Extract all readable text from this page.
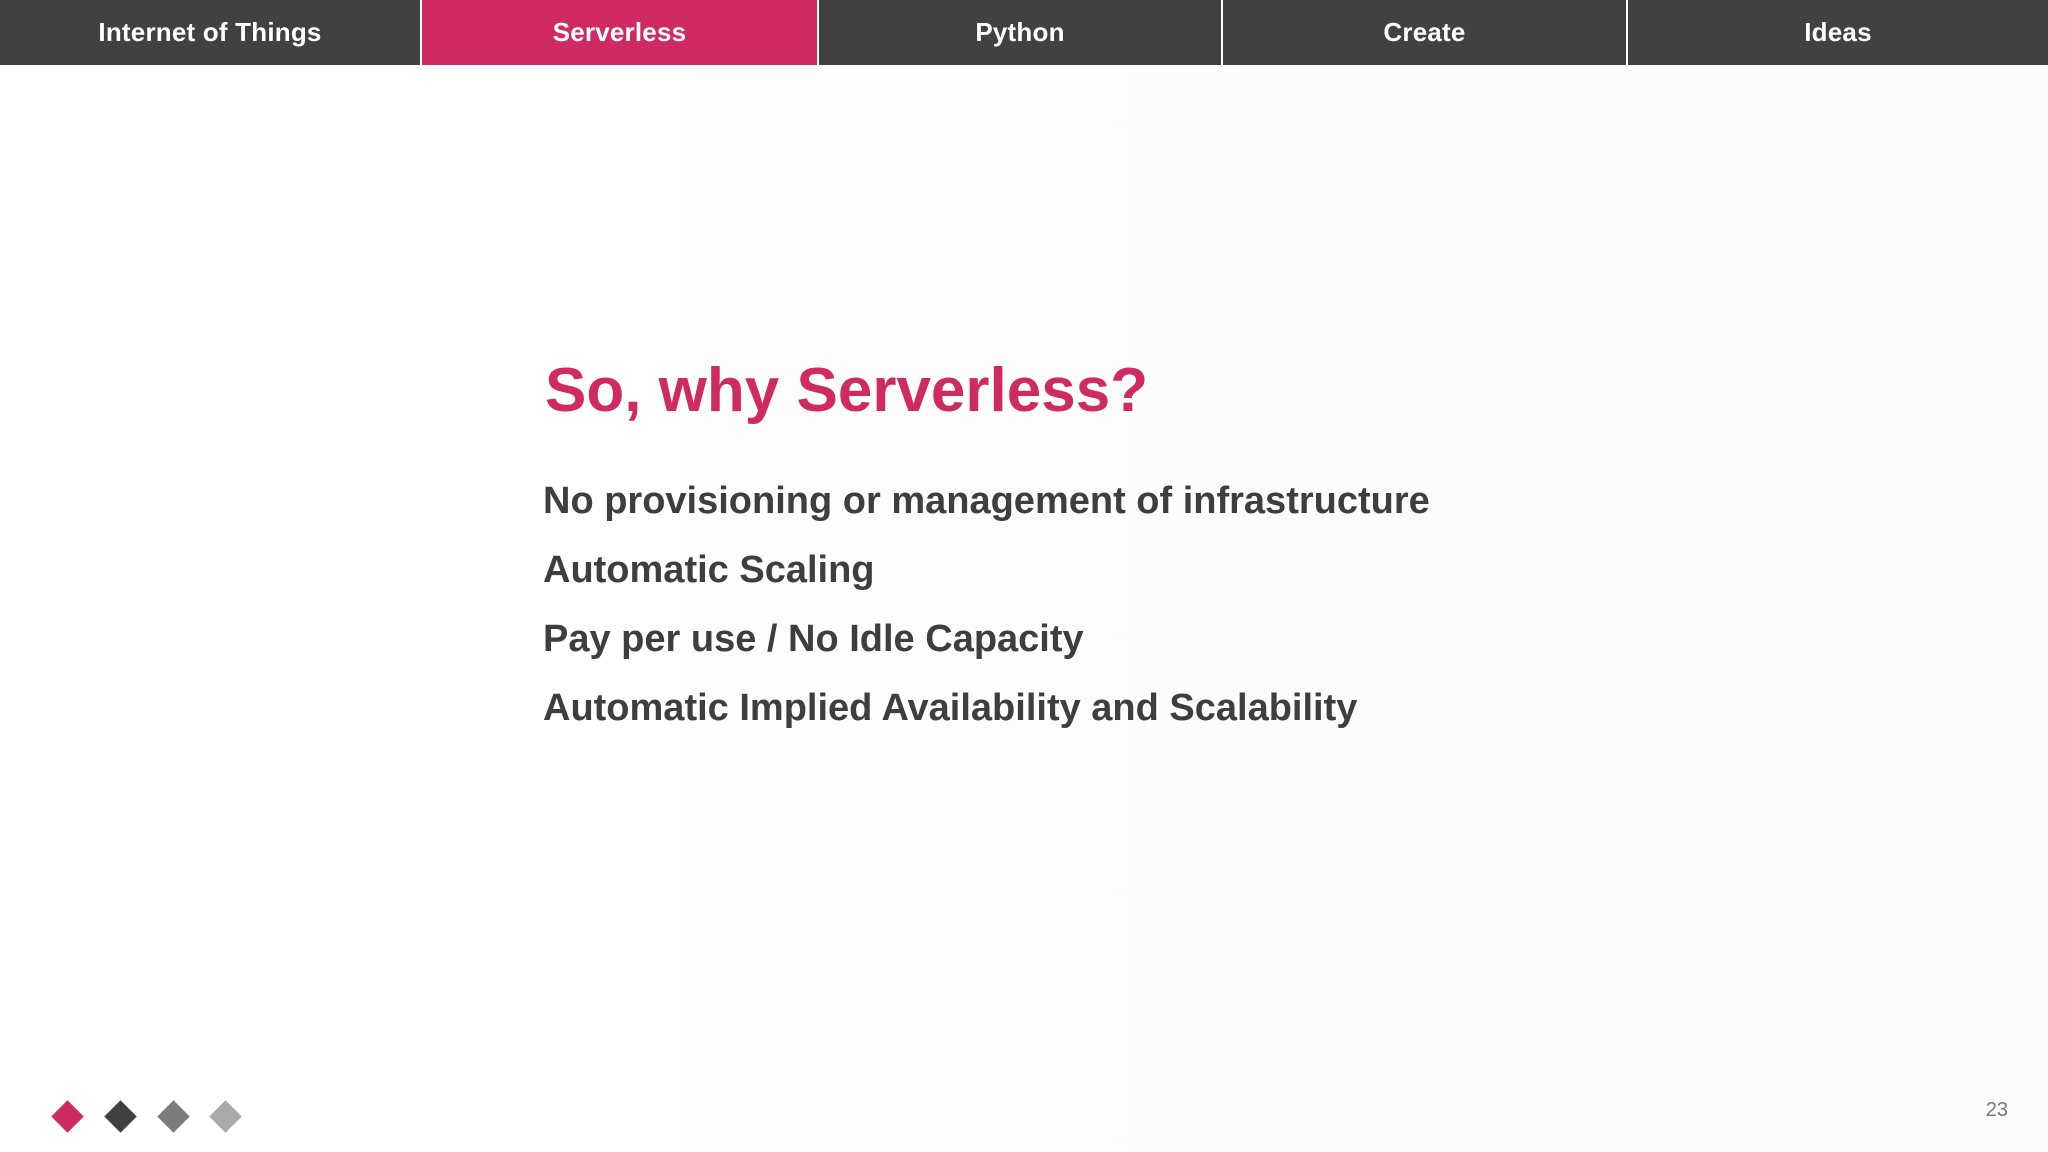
Internet of Things	Serverless	Python	Create	Ideas
So, why Serverless?
No provisioning or management of infrastructure
Automatic Scaling
Pay per use / No Idle Capacity
Automatic Implied Availability and Scalability
23
